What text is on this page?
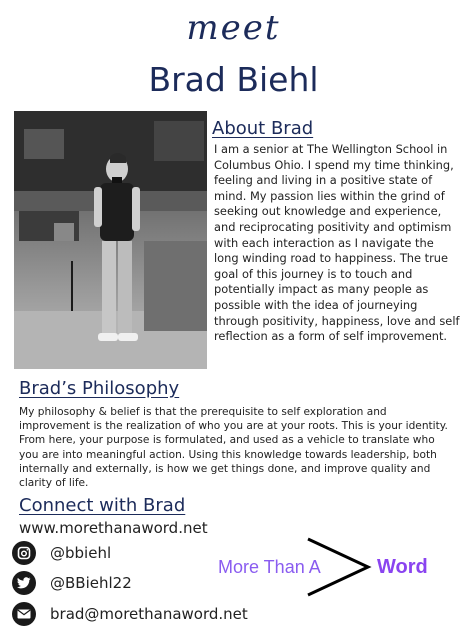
meet
Brad Biehl
About Brad
I am a senior at The Wellington School in Columbus Ohio. I spend my time thinking, feeling and living in a positive state of mind. My passion lies within the grind of seeking out knowledge and experience, and reciprocating positivity and optimism with each interaction as I navigate the long winding road to happiness. The true goal of this journey is to touch and potentially impact as many people as possible with the idea of journeying through positivity, happiness, love and self reflection as a form of self improvement.
Brad’s Philosophy
My philosophy & belief is that the prerequisite to self exploration and improvement is the realization of who you are at your roots. This is your identity. From here, your purpose is formulated, and used as a vehicle to translate who you are into meaningful action. Using this knowledge towards leadership, both internally and externally, is how we get things done, and improve quality and clarity of life.
Connect with Brad
www.morethanaword.net
@bbiehl
@BBiehl22
brad@morethanaword.net
More Than A	Word
